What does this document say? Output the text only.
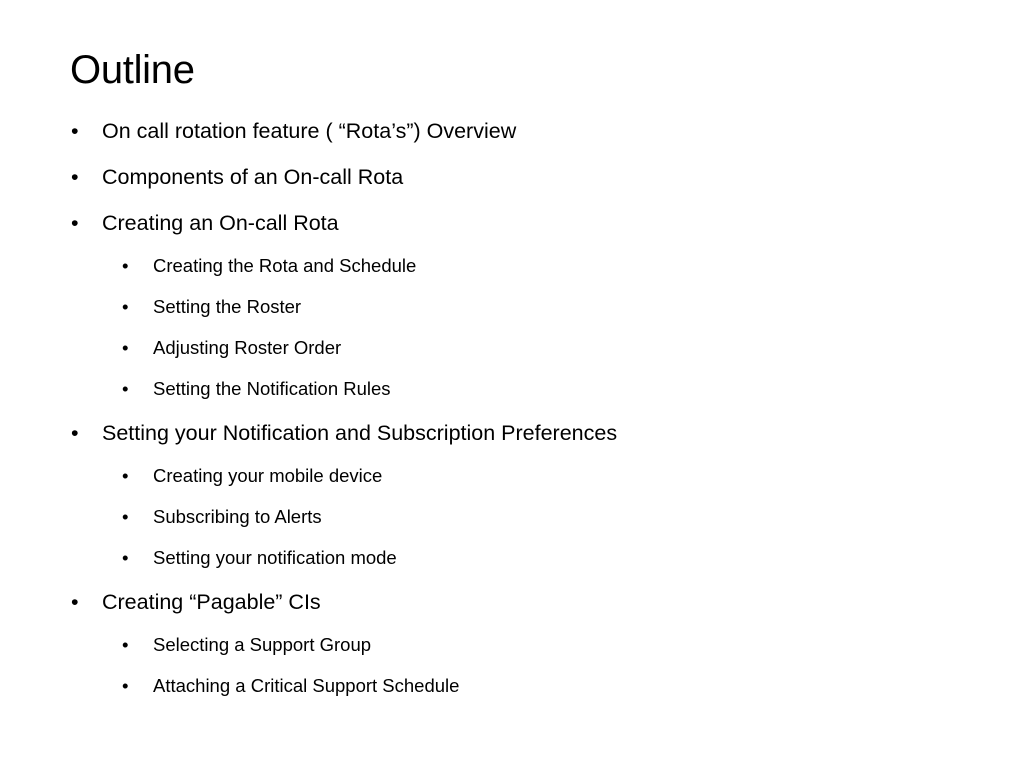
Outline
• On call rotation feature ( “Rota’s”) Overview
• Components of an On-call Rota
• Creating an On-call Rota
• Creating the Rota and Schedule
• Setting the Roster
• Adjusting Roster Order
• Setting the Notification Rules
• Setting your Notification and Subscription Preferences
• Creating your mobile device
• Subscribing to Alerts
• Setting your notification mode
• Creating “Pagable” CIs
• Selecting a Support Group
• Attaching a Critical Support Schedule
